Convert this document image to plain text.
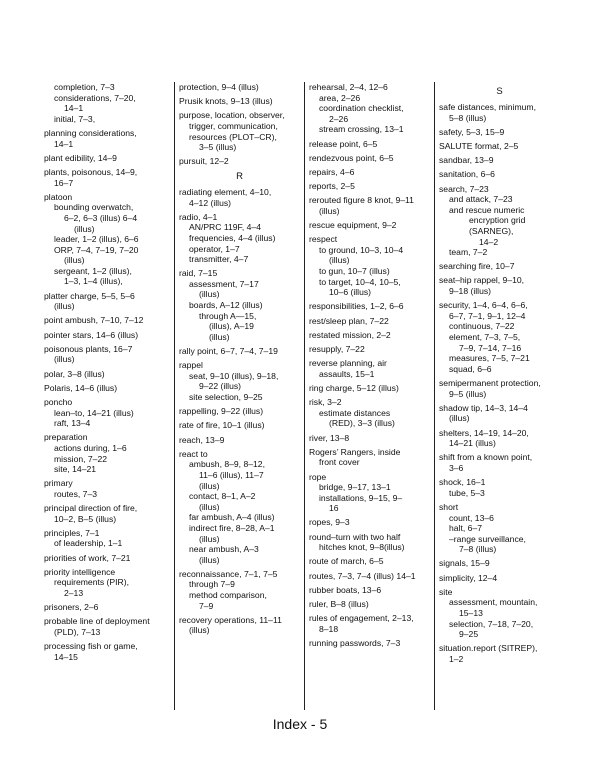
completion, 7–3
considerations, 7–20,
14–1
initial, 7–3,
planning considerations,
14–1
plant edibility, 14–9
plants, poisonous, 14–9,
16–7
platoon
bounding overwatch,
6–2, 6–3 (illus) 6–4
(illus)
leader, 1–2 (illus), 6–6
ORP, 7–4, 7–19, 7–20
(illus)
sergeant, 1–2 (illus),
1–3, 1–4 (illus),
platter charge, 5–5, 5–6
(illus)
point ambush, 7–10, 7–12
pointer stars, 14–6 (illus)
poisonous plants, 16–7
(illus)
polar, 3–8 (illus)
Polaris, 14–6 (illus)
poncho
lean–to, 14–21 (illus)
raft, 13–4
preparation
actions during, 1–6
mission, 7–22
site, 14–21
primary
routes, 7–3
principal direction of fire,
10–2, B–5 (illus)
principles, 7–1
of leadership, 1–1
priorities of work, 7–21
priority intelligence
requirements (PIR),
2–13
prisoners, 2–6
probable line of deployment
(PLD), 7–13
processing fish or game,
14–15
protection, 9–4 (illus)
Prusik knots, 9–13 (illus)
purpose, location, observer,
trigger, communication,
resources (PLOT–CR),
3–5 (illus)
pursuit, 12–2
R
radiating element, 4–10,
4–12 (illus)
radio, 4–1
AN/PRC 119F, 4–4
frequencies, 4–4 (illus)
operator, 1–7
transmitter, 4–7
raid, 7–15
assessment, 7–17
(illus)
boards, A–12 (illus)
through A—15,
(illus), A–19
(illus)
rally point, 6–7, 7–4, 7–19
rappel
seat, 9–10 (illus), 9–18,
9–22 (illus)
site selection, 9–25
rappelling, 9–22 (illus)
rate of fire, 10–1 (illus)
reach, 13–9
react to
ambush, 8–9, 8–12,
11–6 (illus), 11–7
(illus)
contact, 8–1, A–2
(illus)
far ambush, A–4 (illus)
indirect fire, 8–28, A–1
(illus)
near ambush, A–3
(illus)
reconnaissance, 7–1, 7–5
through 7–9
method comparison,
7–9
recovery operations, 11–11
(illus)
rehearsal, 2–4, 12–6
area, 2–26
coordination checklist,
2–26
stream crossing, 13–1
release point, 6–5
rendezvous point, 6–5
repairs, 4–6
reports, 2–5
rerouted figure 8 knot, 9–11
(illus)
rescue equipment, 9–2
respect
to ground, 10–3, 10–4
(illus)
to gun, 10–7 (illus)
to target, 10–4, 10–5,
10–6 (illus)
responsibilities, 1–2, 6–6
rest/sleep plan, 7–22
restated mission, 2–2
resupply, 7–22
reverse planning, air
assaults, 15–1
ring charge, 5–12 (illus)
risk, 3–2
estimate distances
(RED), 3–3 (illus)
river, 13–8
Rogers’ Rangers, inside
front cover
rope
bridge, 9–17, 13–1
installations, 9–15, 9–
16
ropes, 9–3
round–turn with two half
hitches knot, 9–8(illus)
route of march, 6–5
routes, 7–3, 7–4 (illus) 14–1
rubber boats, 13–6
ruler, B–8 (illus)
rules of engagement, 2–13,
8–18
running passwords, 7–3
S
safe distances, minimum,
5–8 (illus)
safety, 5–3, 15–9
SALUTE format, 2–5
sandbar, 13–9
sanitation, 6–6
search, 7–23
and attack, 7–23
and rescue numeric
encryption grid
(SARNEG),
14–2
team, 7–2
searching fire, 10–7
seat–hip rappel, 9–10,
9–18 (illus)
security, 1–4, 6–4, 6–6,
6–7, 7–1, 9–1, 12–4
continuous, 7–22
element, 7–3, 7–5,
7–9, 7–14, 7–16
measures, 7–5, 7–21
squad, 6–6
semipermanent protection,
9–5 (illus)
shadow tip, 14–3, 14–4
(illus)
shelters, 14–19, 14–20,
14–21 (illus)
shift from a known point,
3–6
shock, 16–1
tube, 5–3
short
count, 13–6
halt, 6–7
–range surveillance,
7–8 (illus)
signals, 15–9
simplicity, 12–4
site
assessment, mountain,
15–13
selection, 7–18, 7–20,
9–25
situation.report (SITREP),
1–2
Index - 5
